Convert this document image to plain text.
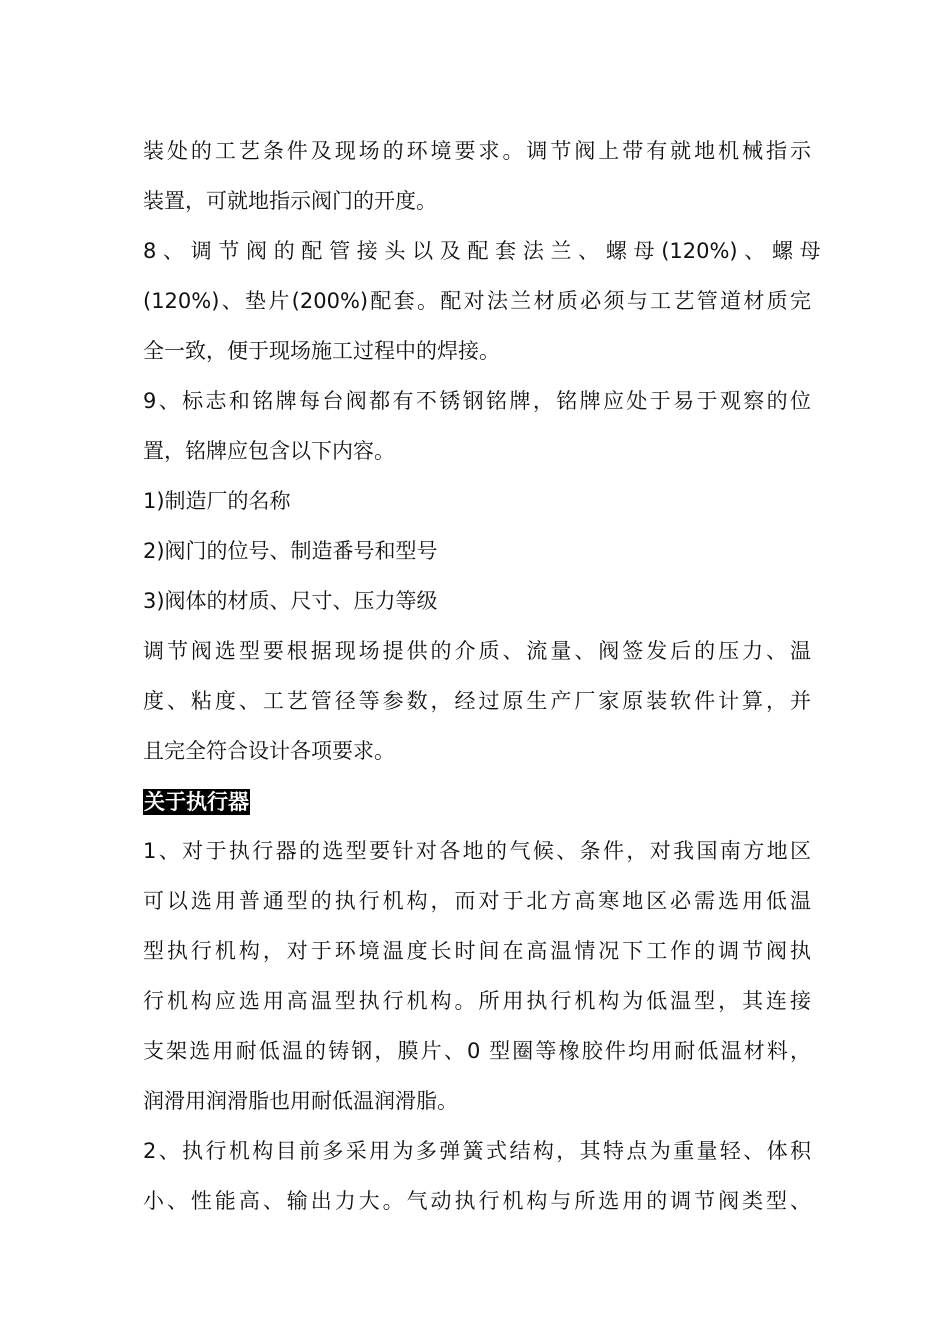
装处的工艺条件及现场的环境要求。调节阀上带有就地机械指示
装置，可就地指示阀门的开度。
8 、 调 节 阀 的 配 管 接 头 以 及 配 套 法 兰 、 螺 母 (120%) 、 螺 母
(120%)、垫片(200%)配套。配对法兰材质必须与工艺管道材质完
全一致，便于现场施工过程中的焊接。
9、标志和铭牌每台阀都有不锈钢铭牌，铭牌应处于易于观察的位
置，铭牌应包含以下内容。
1)制造厂的名称
2)阀门的位号、制造番号和型号
3)阀体的材质、尺寸、压力等级
调节阀选型要根据现场提供的介质、流量、阀签发后的压力、温
度、粘度、工艺管径等参数，经过原生产厂家原装软件计算，并
且完全符合设计各项要求。
关于执行器
1、对于执行器的选型要针对各地的气候、条件，对我国南方地区
可以选用普通型的执行机构，而对于北方高寒地区必需选用低温
型执行机构，对于环境温度长时间在高温情况下工作的调节阀执
行机构应选用高温型执行机构。所用执行机构为低温型，其连接
支架选用耐低温的铸钢，膜片、0 型圈等橡胶件均用耐低温材料，
润滑用润滑脂也用耐低温润滑脂。
2、执行机构目前多采用为多弹簧式结构，其特点为重量轻、体积
小、性能高、输出力大。气动执行机构与所选用的调节阀类型、
